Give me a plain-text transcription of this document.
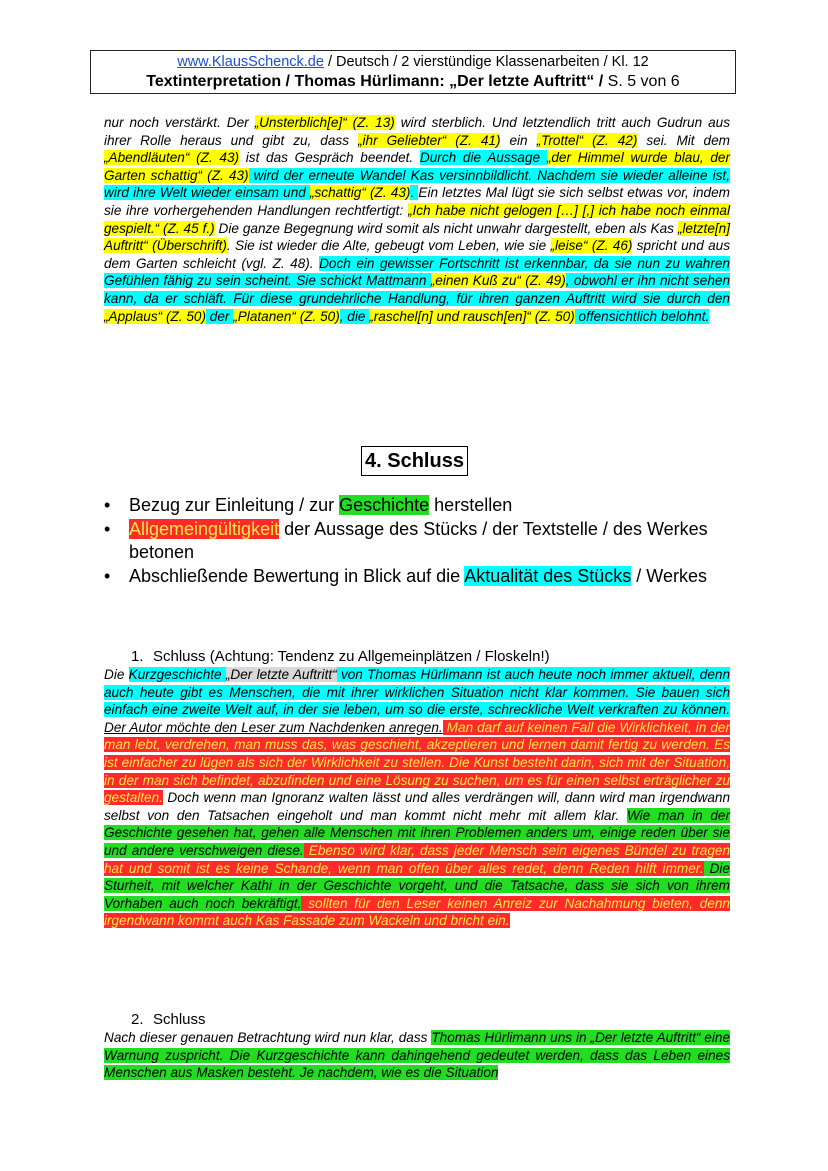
www.KlausSchenck.de / Deutsch / 2 vierstündige Klassenarbeiten / Kl. 12
Textinterpretation / Thomas Hürlimann: „Der letzte Auftritt“ / S. 5 von 6
nur noch verstärkt. Der „Unsterblich[e]“ (Z. 13) wird sterblich. Und letztendlich tritt auch Gudrun aus ihrer Rolle heraus und gibt zu, dass „ihr Geliebter“ (Z. 41) ein „Trottel“ (Z. 42) sei. Mit dem „Abendläuten“ (Z. 43) ist das Gespräch beendet. Durch die Aussage „der Himmel wurde blau, der Garten schattig“ (Z. 43) wird der erneute Wandel Kas versinnbildlicht. Nachdem sie wieder alleine ist, wird ihre Welt wieder einsam und „schattig“ (Z. 43). Ein letztes Mal lügt sie sich selbst etwas vor, indem sie ihre vorhergehenden Handlungen rechtfertigt: „Ich habe nicht gelogen […] [,] ich habe noch einmal gespielt.“ (Z. 45 f.) Die ganze Begegnung wird somit als nicht unwahr dargestellt, eben als Kas „letzte[n] Auftritt“ (Überschrift). Sie ist wieder die Alte, gebeugt vom Leben, wie sie „leise“ (Z. 46) spricht und aus dem Garten schleicht (vgl. Z. 48). Doch ein gewisser Fortschritt ist erkennbar, da sie nun zu wahren Gefühlen fähig zu sein scheint. Sie schickt Mattmann „einen Kuß zu“ (Z. 49), obwohl er ihn nicht sehen kann, da er schläft. Für diese grundehrliche Handlung, für ihren ganzen Auftritt wird sie durch den „Applaus“ (Z. 50) der „Platanen“ (Z. 50), die „raschel[n] und rausch[en]“ (Z. 50) offensichtlich belohnt.
4. Schluss
• Bezug zur Einleitung / zur Geschichte herstellen
• Allgemeingültigkeit der Aussage des Stücks / der Textstelle / des Werkes betonen
• Abschließende Bewertung in Blick auf die Aktualität des Stücks / Werkes
1. Schluss (Achtung: Tendenz zu Allgemeinplätzen / Floskeln!)
Die Kurzgeschichte „Der letzte Auftritt“ von Thomas Hürlimann ist auch heute noch immer aktuell, denn auch heute gibt es Menschen, die mit ihrer wirklichen Situation nicht klar kommen. Sie bauen sich einfach eine zweite Welt auf, in der sie leben, um so die erste, schreckliche Welt verkraften zu können. Der Autor möchte den Leser zum Nachdenken anregen. Man darf auf keinen Fall die Wirklichkeit, in der man lebt, verdrehen, man muss das, was geschieht, akzeptieren und lernen damit fertig zu werden. Es ist einfacher zu lügen als sich der Wirklichkeit zu stellen. Die Kunst besteht darin, sich mit der Situation, in der man sich befindet, abzufinden und eine Lösung zu suchen, um es für einen selbst erträglicher zu gestalten. Doch wenn man Ignoranz walten lässt und alles verdrängen will, dann wird man irgendwann selbst von den Tatsachen eingeholt und man kommt nicht mehr mit allem klar. Wie man in der Geschichte gesehen hat, gehen alle Menschen mit ihren Problemen anders um, einige reden über sie und andere verschweigen diese. Ebenso wird klar, dass jeder Mensch sein eigenes Bündel zu tragen hat und somit ist es keine Schande, wenn man offen über alles redet, denn Reden hilft immer. Die Sturheit, mit welcher Kathi in der Geschichte vorgeht, und die Tatsache, dass sie sich von ihrem Vorhaben auch noch bekräftigt, sollten für den Leser keinen Anreiz zur Nachahmung bieten, denn irgendwann kommt auch Kas Fassade zum Wackeln und bricht ein.
2. Schluss
Nach dieser genauen Betrachtung wird nun klar, dass Thomas Hürlimann uns in „Der letzte Auftritt“ eine Warnung zuspricht. Die Kurzgeschichte kann dahingehend gedeutet werden, dass das Leben eines Menschen aus Masken besteht. Je nachdem, wie es die Situation
